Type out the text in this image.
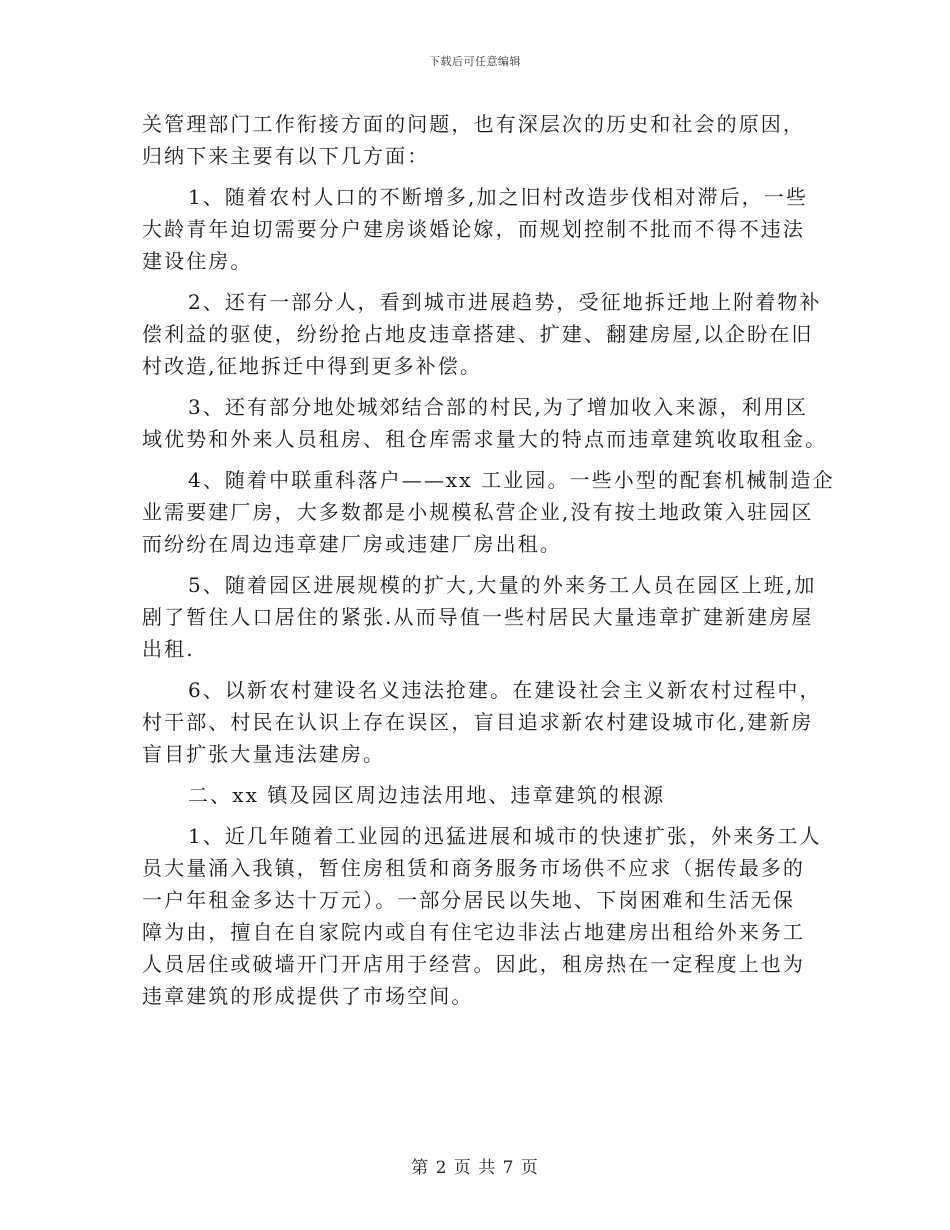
下载后可任意编辑
关管理部门工作衔接方面的问题，也有深层次的历史和社会的原因，
归纳下来主要有以下几方面：
1、随着农村人口的不断增多,加之旧村改造步伐相对滞后，一些
大龄青年迫切需要分户建房谈婚论嫁，而规划控制不批而不得不违法
建设住房。
2、还有一部分人，看到城市进展趋势，受征地拆迁地上附着物补
偿利益的驱使，纷纷抢占地皮违章搭建、扩建、翻建房屋,以企盼在旧
村改造,征地拆迁中得到更多补偿。
3、还有部分地处城郊结合部的村民,为了增加收入来源，利用区
域优势和外来人员租房、租仓库需求量大的特点而违章建筑收取租金。
4、随着中联重科落户——xx 工业园。一些小型的配套机械制造企
业需要建厂房，大多数都是小规模私营企业,没有按土地政策入驻园区
而纷纷在周边违章建厂房或违建厂房出租。
5、随着园区进展规模的扩大,大量的外来务工人员在园区上班,加
剧了暂住人口居住的紧张.从而导值一些村居民大量违章扩建新建房屋
出租.
6、以新农村建设名义违法抢建。在建设社会主义新农村过程中，
村干部、村民在认识上存在误区，盲目追求新农村建设城市化,建新房
盲目扩张大量违法建房。
二、xx 镇及园区周边违法用地、违章建筑的根源
1、近几年随着工业园的迅猛进展和城市的快速扩张，外来务工人
员大量涌入我镇，暂住房租赁和商务服务市场供不应求（据传最多的
一户年租金多达十万元）。一部分居民以失地、下岗困难和生活无保
障为由，擅自在自家院内或自有住宅边非法占地建房出租给外来务工
人员居住或破墙开门开店用于经营。因此，租房热在一定程度上也为
违章建筑的形成提供了市场空间。
第 2 页 共 7 页
